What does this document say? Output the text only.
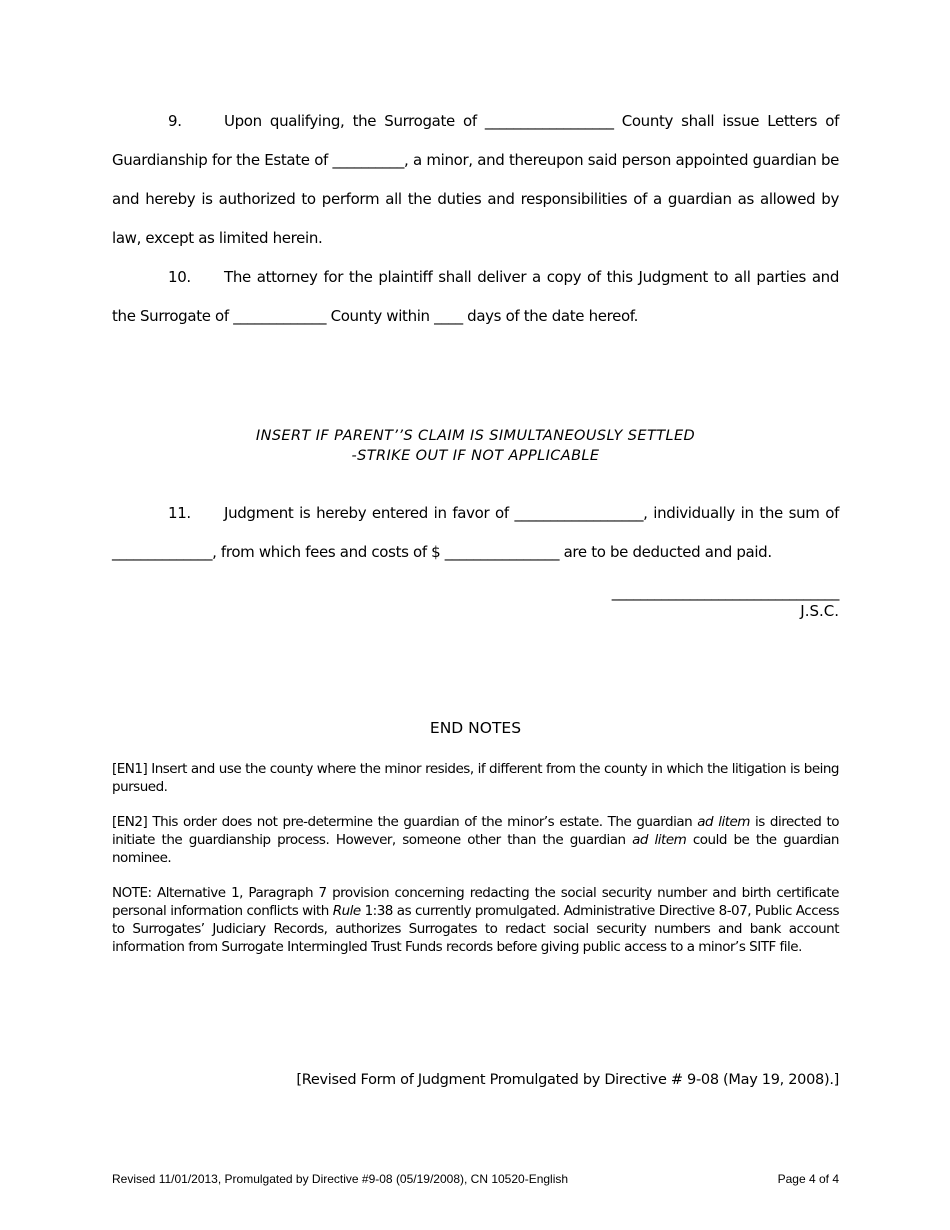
9.	Upon qualifying, the Surrogate of __________________ County shall issue Letters of Guardianship for the Estate of __________, a minor, and thereupon said person appointed guardian be and hereby is authorized to perform all the duties and responsibilities of a guardian as allowed by law, except as limited herein.

10. The attorney for the plaintiff shall deliver a copy of this Judgment to all parties and the Surrogate of _____________ County within ____ days of the date hereof.

INSERT IF PARENT’’S CLAIM IS SIMULTANEOUSLY SETTLED
-STRIKE OUT IF NOT APPLICABLE

11. Judgment is hereby entered in favor of __________________, individually in the sum of ______________, from which fees and costs of $ ________________ are to be deducted and paid.

________________________________
J.S.C.
END NOTES

[EN1] Insert and use the county where the minor resides, if different from the county in which the litigation is being pursued.

[EN2] This order does not pre-determine the guardian of the minor’s estate. The guardian ad litem is directed to initiate the guardianship process. However, someone other than the guardian ad litem could be the guardian nominee.

NOTE: Alternative 1, Paragraph 7 provision concerning redacting the social security number and birth certificate personal information conflicts with Rule 1:38 as currently promulgated. Administrative Directive 8-07, Public Access to Surrogates’ Judiciary Records, authorizes Surrogates to redact social security numbers and bank account information from Surrogate Intermingled Trust Funds records before giving public access to a minor’s SITF file.

[Revised Form of Judgment Promulgated by Directive # 9-08 (May 19, 2008).]
Revised 11/01/2013, Promulgated by Directive #9-08 (05/19/2008), CN 10520-English	Page 4 of 4
